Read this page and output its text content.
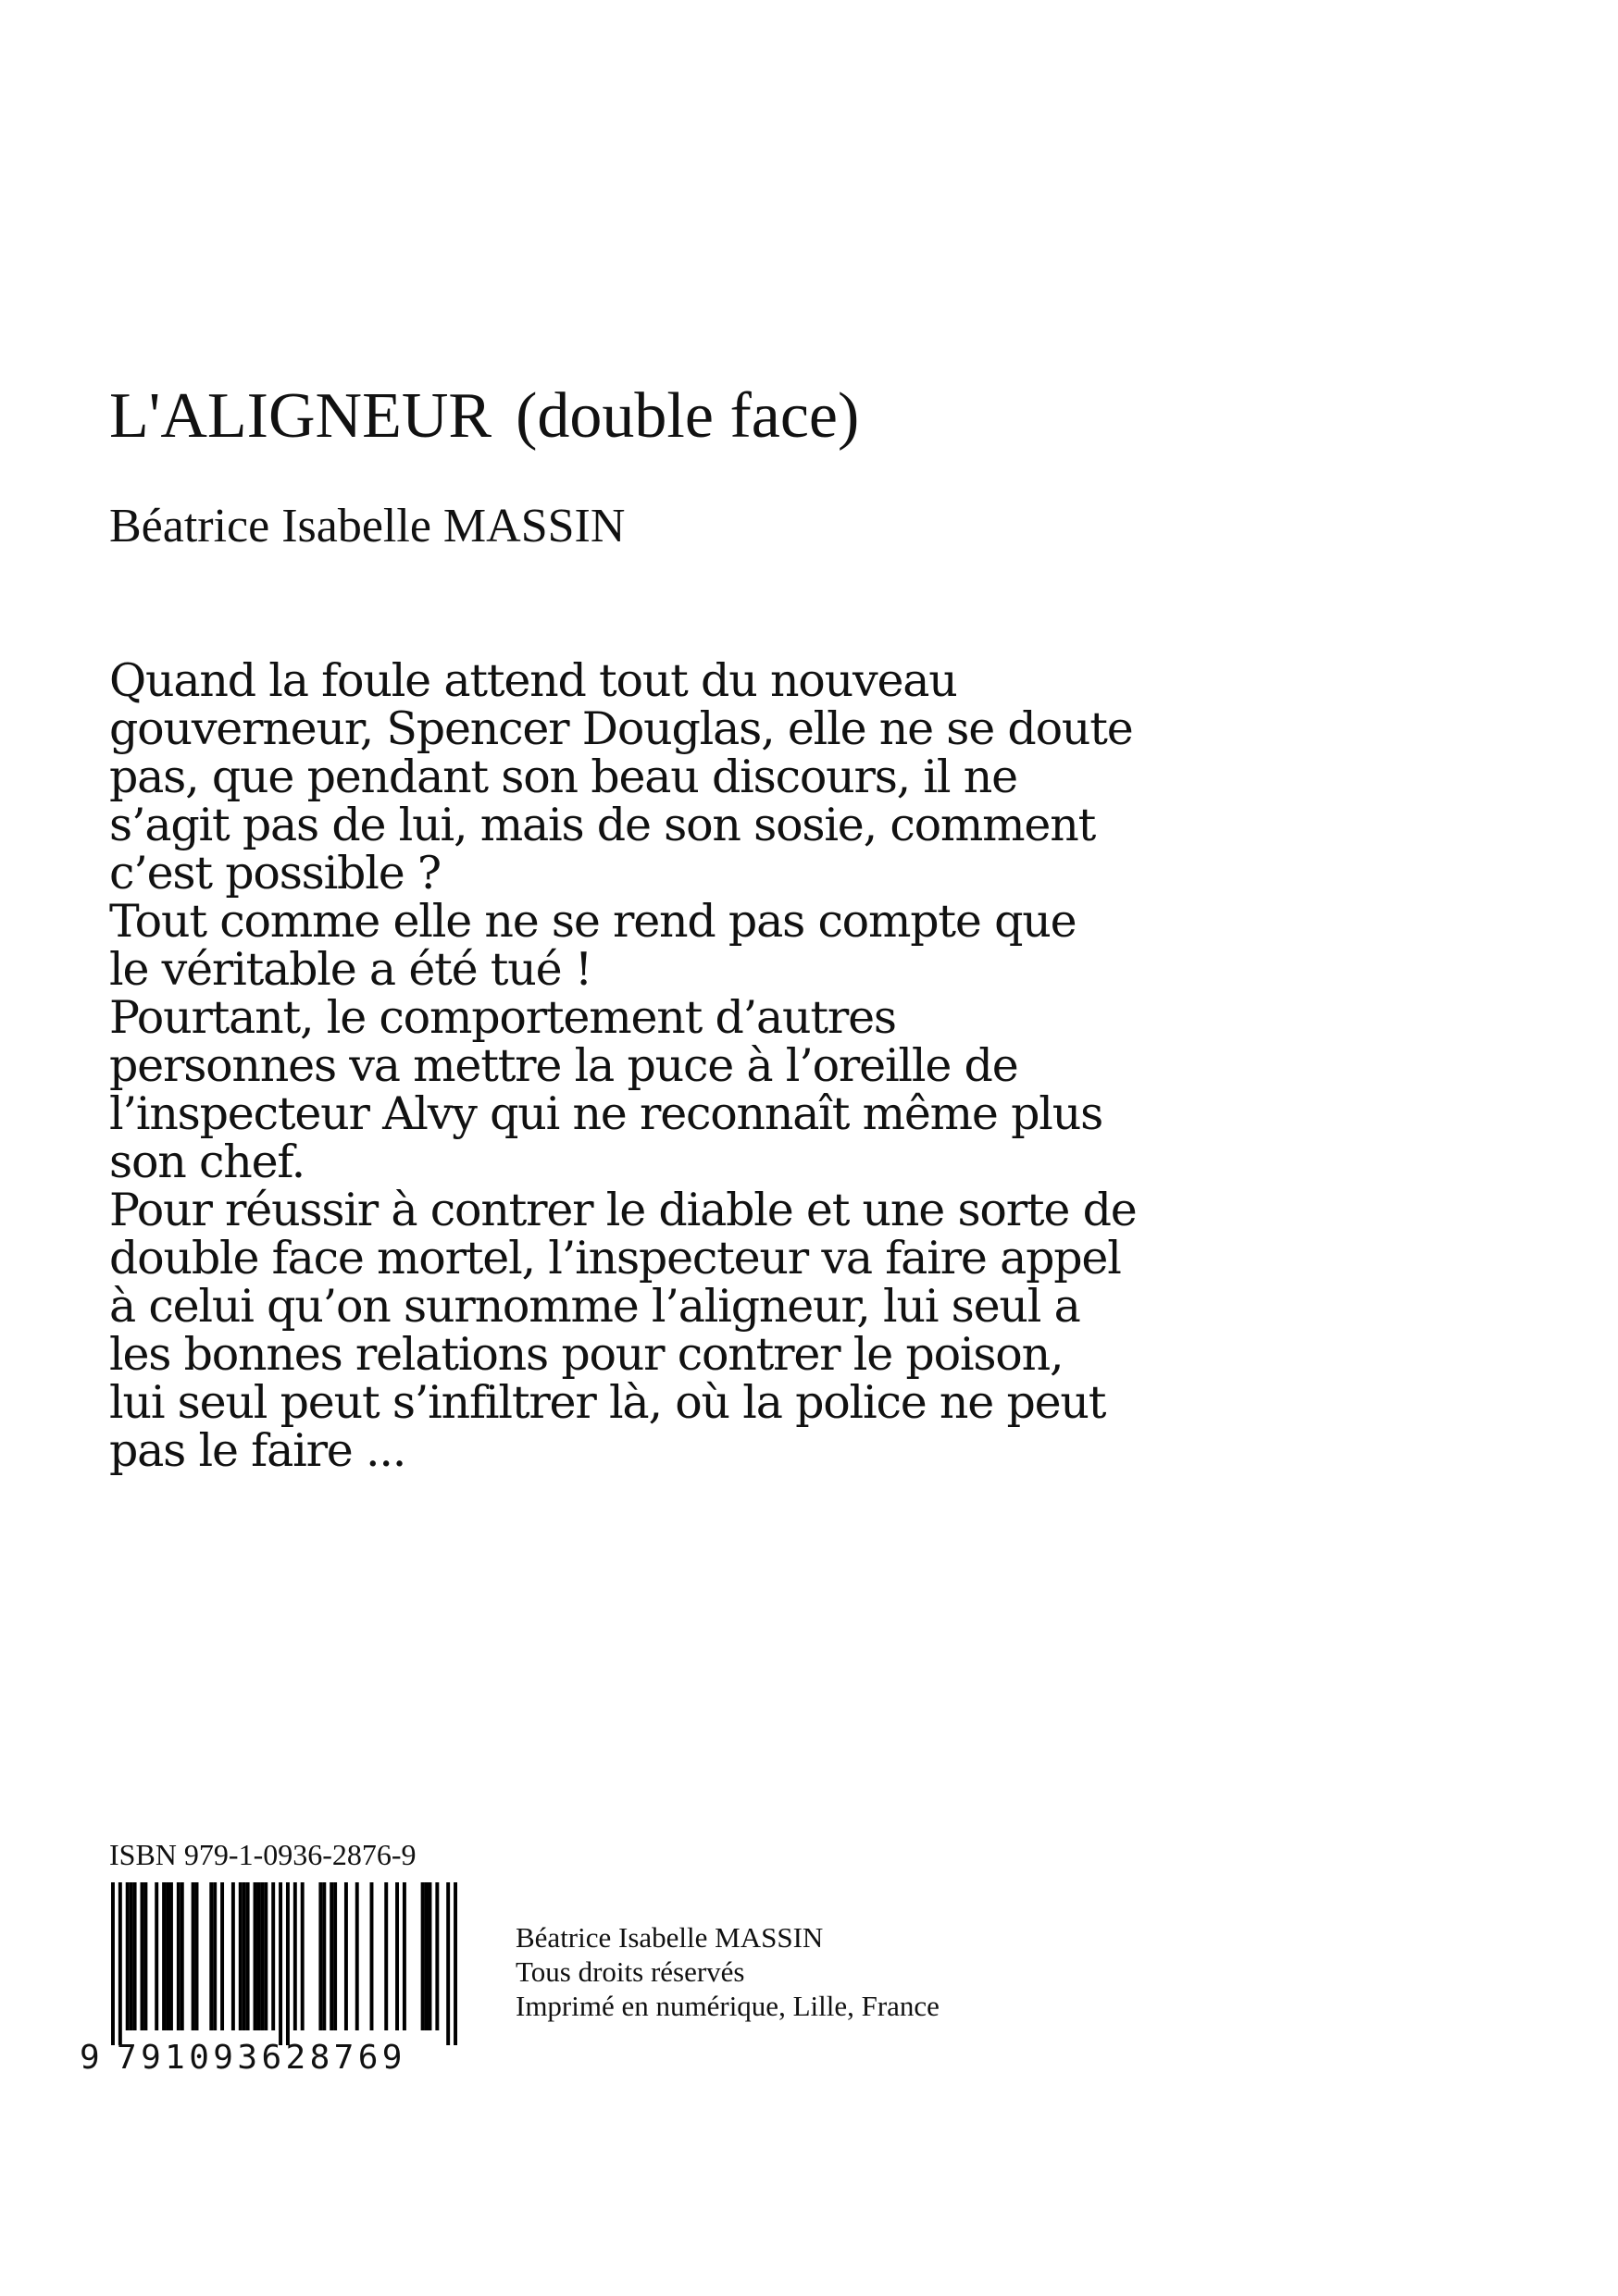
L'ALIGNEUR (double face)
Béatrice Isabelle MASSIN
Quand la foule attend tout du nouveau
gouverneur, Spencer Douglas, elle ne se doute
pas, que pendant son beau discours, il ne
s’agit pas de lui, mais de son sosie, comment
c’est possible ?
Tout comme elle ne se rend pas compte que
le véritable a été tué !
Pourtant, le comportement d’autres
personnes va mettre la puce à l’oreille de
l’inspecteur Alvy qui ne reconnaît même plus
son chef.
Pour réussir à contrer le diable et une sorte de
double face mortel, l’inspecteur va faire appel
à celui qu’on surnomme l’aligneur, lui seul a
les bonnes relations pour contrer le poison,
lui seul peut s’infiltrer là, où la police ne peut
pas le faire ...
ISBN 979-1-0936-2876-9
9 791093628769
Béatrice Isabelle MASSIN
Tous droits réservés
Imprimé en numérique, Lille, France
